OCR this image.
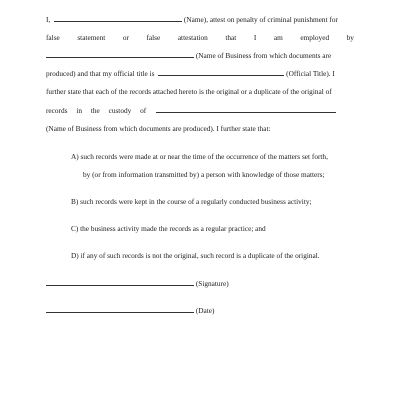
I,	(Name), attest on penalty of criminal punishment for
false statement or false attestation that I am employed by
(Name of Business from which documents are
produced) and that my official title is	(Official Title). I
further state that each of the records attached hereto is the original or a duplicate of the original of
records in the custody of
(Name of Business from which documents are produced). I further state that:
A) such records were made at or near the time of the occurrence of the matters set forth,
by (or from information transmitted by) a person with knowledge of those matters;
B) such records were kept in the course of a regularly conducted business activity;
C) the business activity made the records as a regular practice; and
D) if any of such records is not the original, such record is a duplicate of the original.
(Signature)
(Date)
